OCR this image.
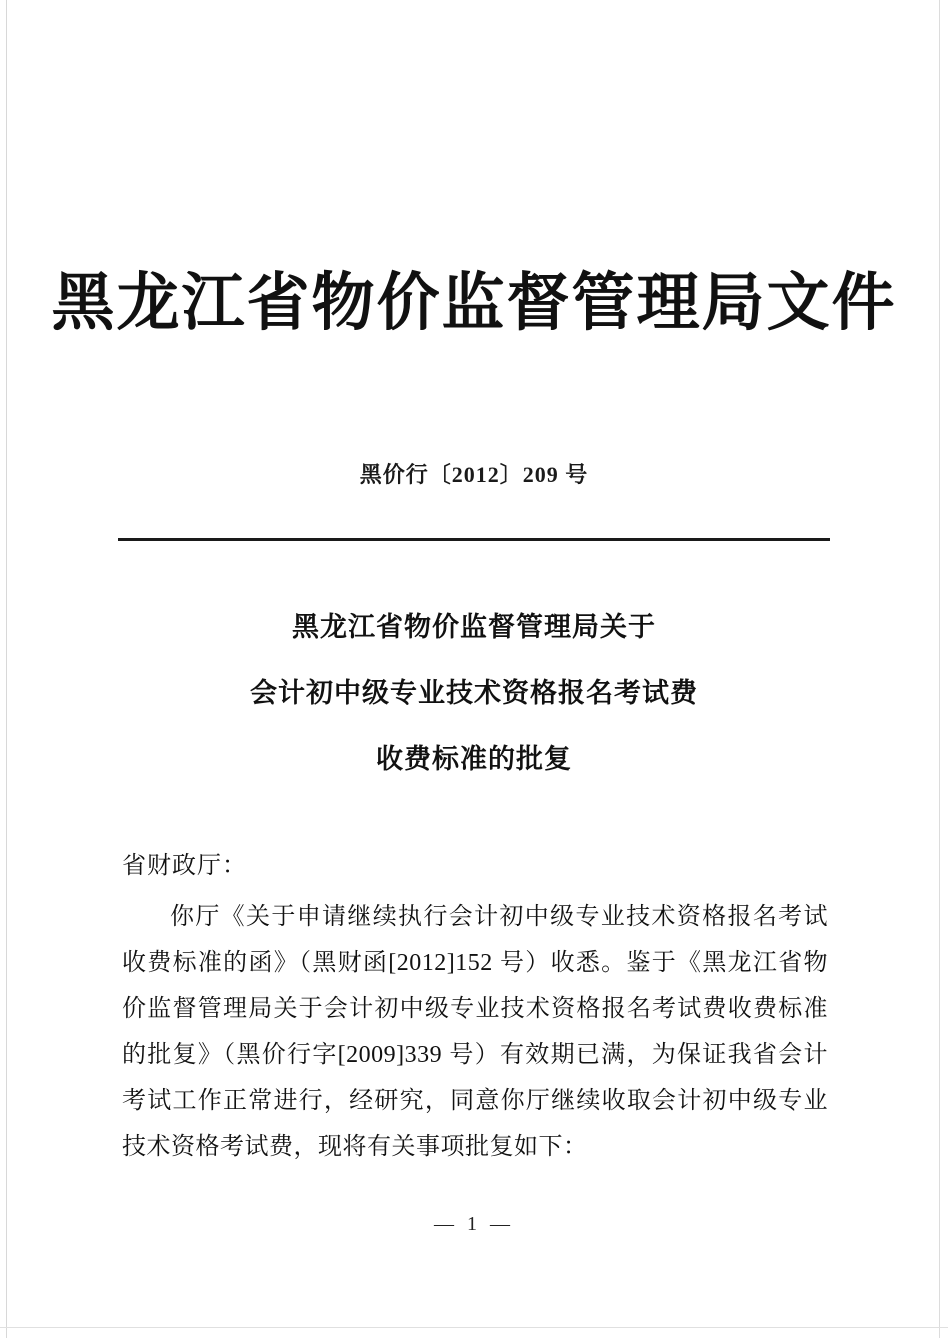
黑龙江省物价监督管理局文件
黑价行〔2012〕209 号
黑龙江省物价监督管理局关于
会计初中级专业技术资格报名考试费
收费标准的批复
省财政厅：

你厅《关于申请继续执行会计初中级专业技术资格报名考试收费标准的函》（黑财函[2012]152 号）收悉。鉴于《黑龙江省物价监督管理局关于会计初中级专业技术资格报名考试费收费标准的批复》（黑价行字[2009]339 号）有效期已满，为保证我省会计考试工作正常进行，经研究，同意你厅继续收取会计初中级专业技术资格考试费，现将有关事项批复如下：

— 1 —
